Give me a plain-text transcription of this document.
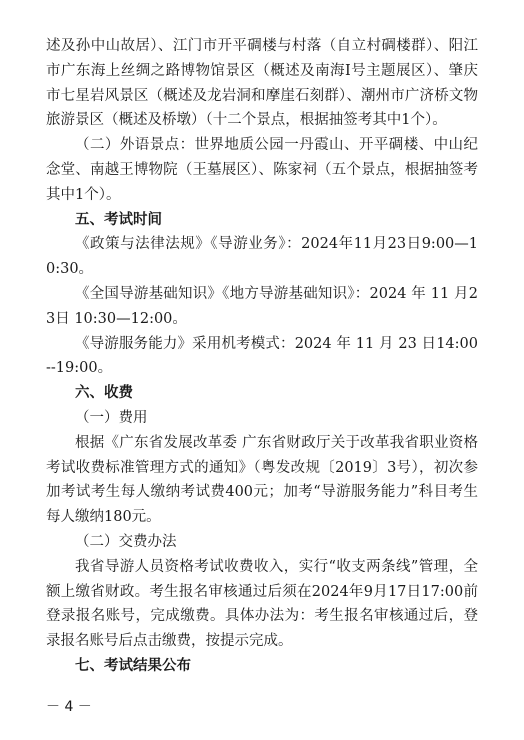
述及孙中山故居）、江门市开平碉楼与村落（自立村碉楼群）、阳江市广东海上丝绸之路博物馆景区（概述及南海Ⅰ号主题展区）、肇庆市七星岩风景区（概述及龙岩洞和摩崖石刻群）、潮州市广济桥文物旅游景区（概述及桥墩）（十二个景点，根据抽签考其中1个）。

（二）外语景点：世界地质公园一丹霞山、开平碉楼、中山纪念堂、南越王博物院（王墓展区）、陈家祠（五个景点，根据抽签考其中1个）。

五、考试时间

《政策与法律法规》《导游业务》：2024年11月23日9:00—10:30。

《全国导游基础知识》《地方导游基础知识》：2024 年 11 月23日 10:30—12:00。

《导游服务能力》采用机考模式：2024 年 11 月 23 日14:00--19:00。

六、收费

（一）费用

根据《广东省发展改革委 广东省财政厅关于改革我省职业资格考试收费标准管理方式的通知》（粤发改规〔2019〕3号），初次参加考试考生每人缴纳考试费400元；加考“导游服务能力”科目考生每人缴纳180元。

（二）交费办法

我省导游人员资格考试收费收入，实行“收支两条线”管理，全额上缴省财政。考生报名审核通过后须在2024年9月17日17:00前登录报名账号，完成缴费。具体办法为：考生报名审核通过后，登录报名账号后点击缴费，按提示完成。

七、考试结果公布

－ 4 －
